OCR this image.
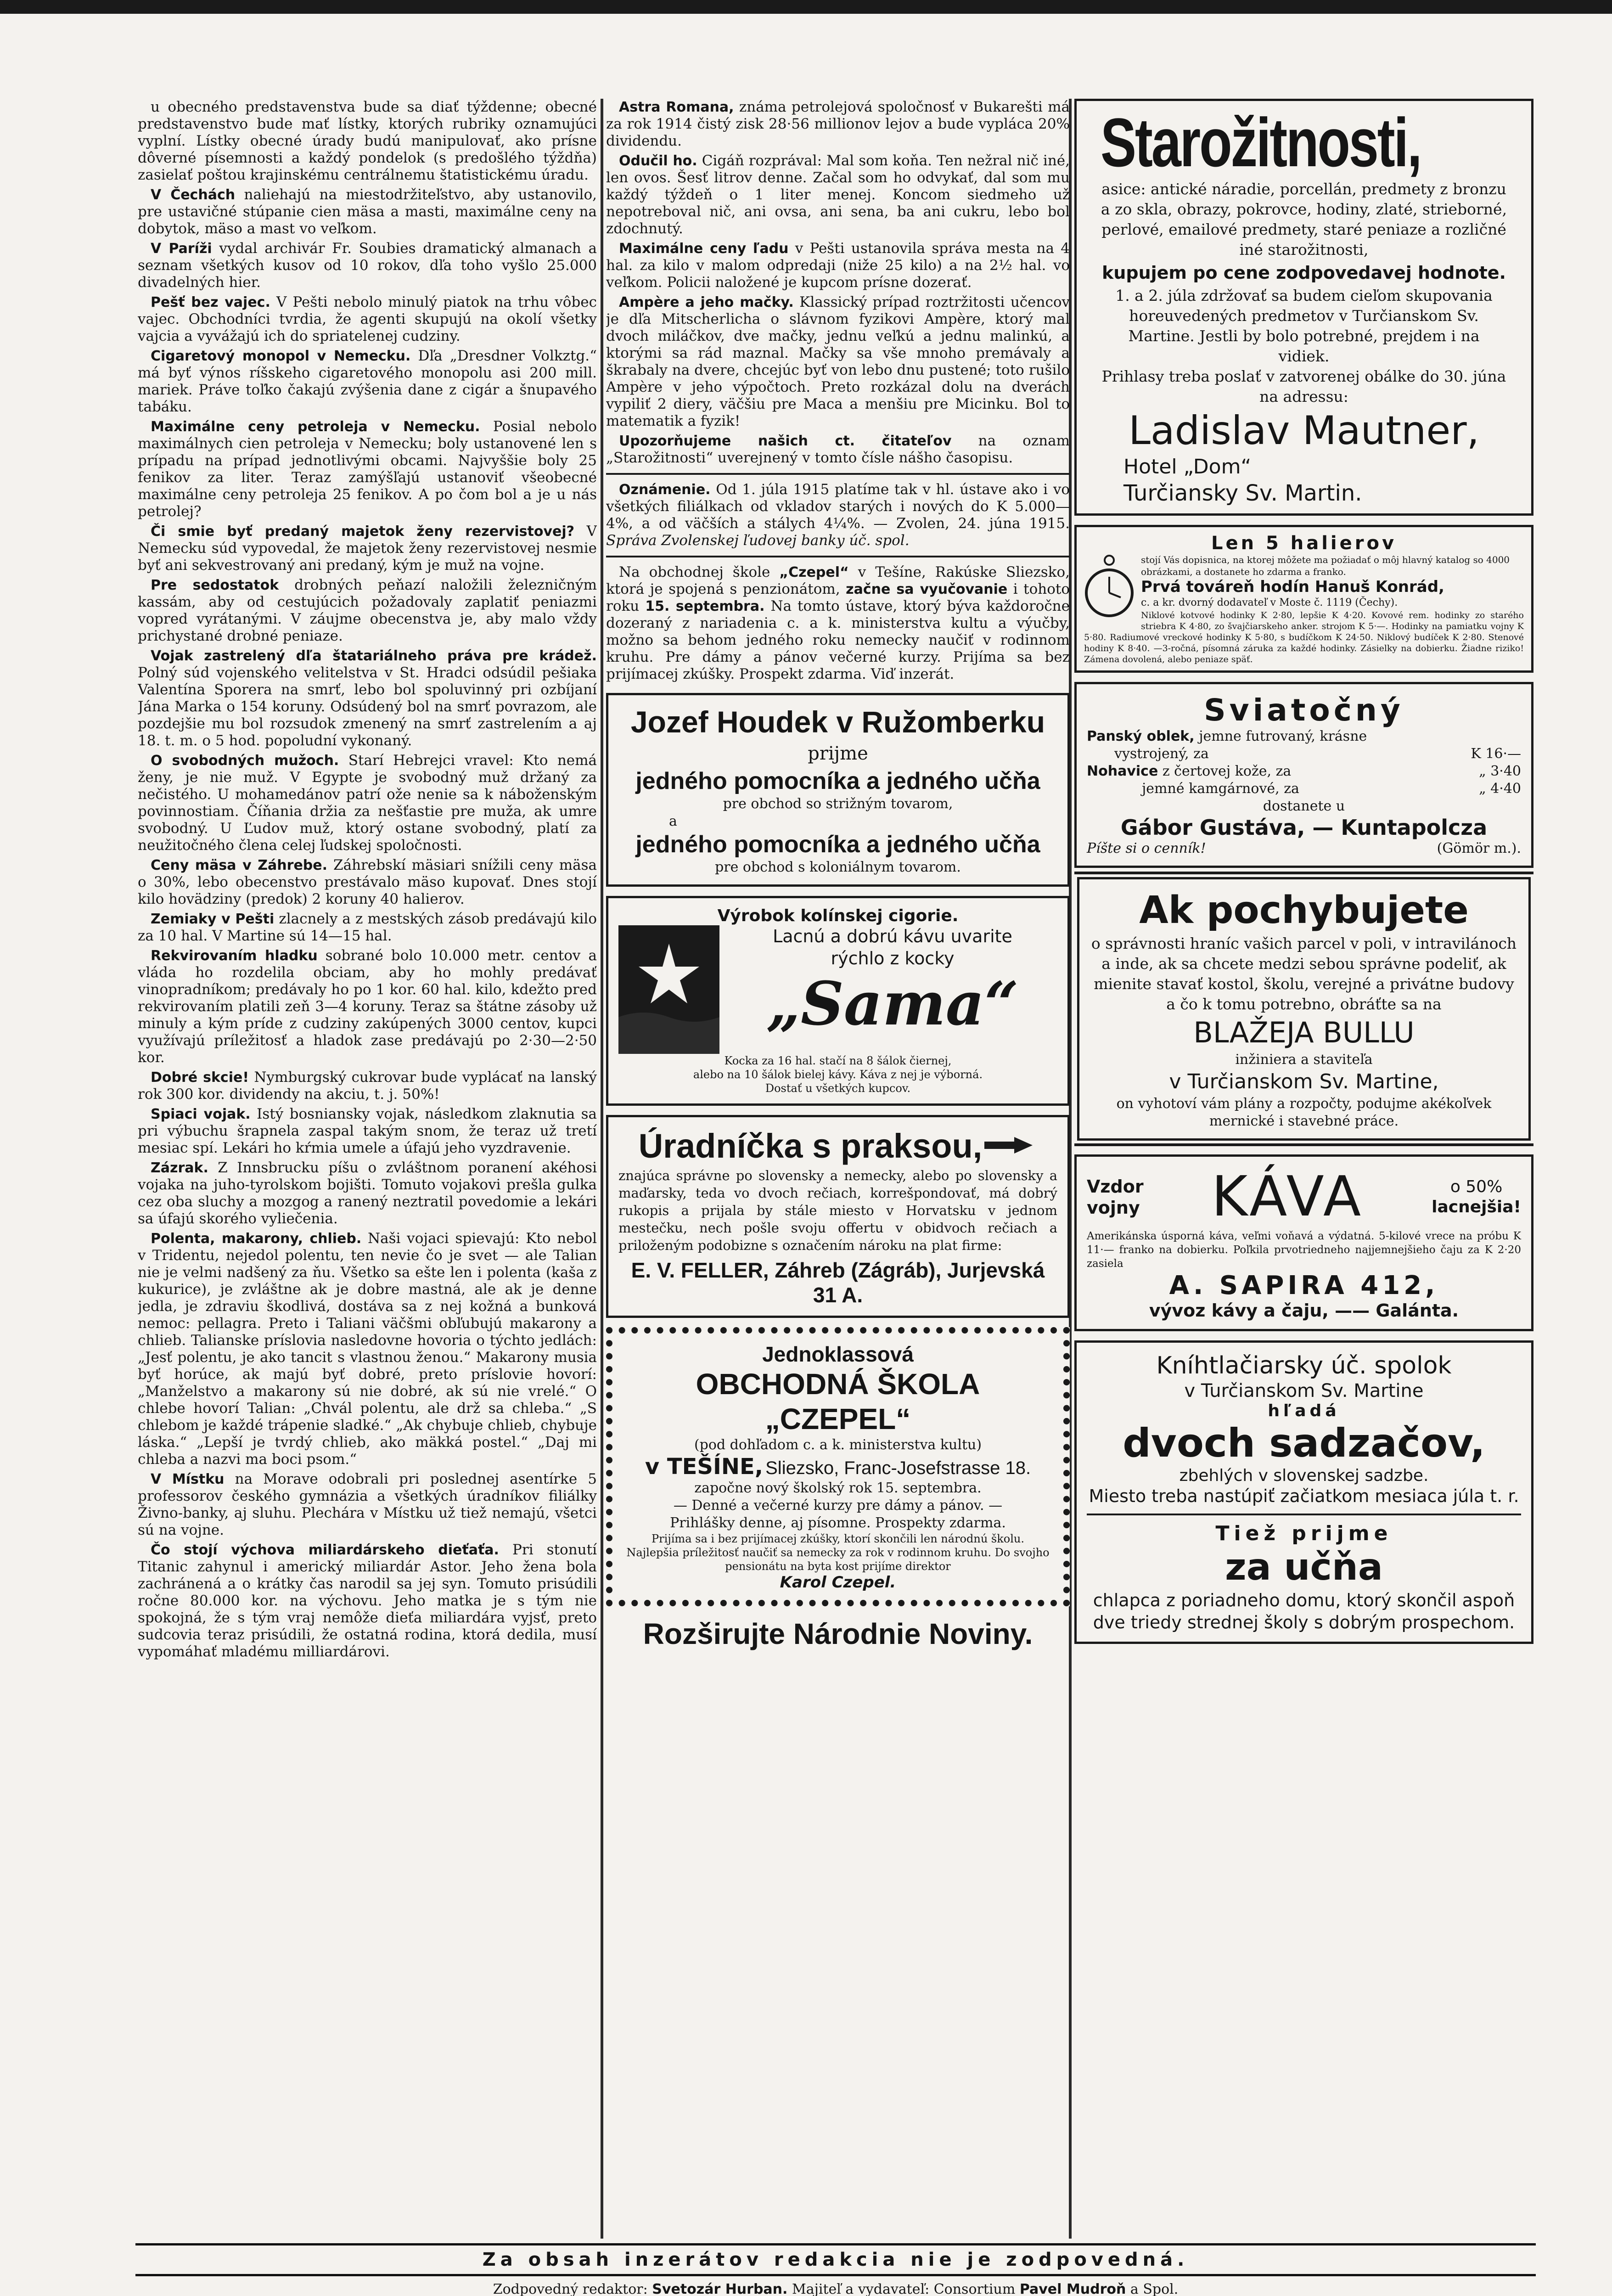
u obecného predstavenstva bude sa diať týždenne; obecné predstavenstvo bude mať lístky, ktorých rubriky oznamujúci vyplní. Lístky obecné úrady budú manipulovať, ako prísne dôverné písemnosti a každý pondelok (s predošlého týždňa) zasielať poštou krajinskému centrálnemu štatistickému úradu.

V Čechách naliehajú na miestodržiteľstvo, aby ustanovilo, pre ustavičné stúpanie cien mäsa a masti, maximálne ceny na dobytok, mäso a mast vo veľkom.

V Paríži vydal archivár Fr. Soubies dramatický almanach a seznam všetkých kusov od 10 rokov, dľa toho vyšlo 25.000 divadelných hier.

Pešť bez vajec. V Pešti nebolo minulý piatok na trhu vôbec vajec. Obchodníci tvrdia, že agenti skupujú na okolí všetky vajcia a vyvážajú ich do spriatelenej cudziny.

Cigaretový monopol v Nemecku. Dľa „Dresdner Volkztg.“ má byť výnos ríšskeho cigaretového monopolu asi 200 mill. mariek. Práve toľko čakajú zvýšenia dane z cigár a šnupavého tabáku.

Maximálne ceny petroleja v Nemecku. Posial nebolo maximálnych cien petroleja v Nemecku; boly ustanovené len s prípadu na prípad jednotlivými obcami. Najvyššie boly 25 fenikov za liter. Teraz zamýšľajú ustanoviť všeobecné maximálne ceny petroleja 25 fenikov. A po čom bol a je u nás petrolej?

Či smie byť predaný majetok ženy rezervistovej? V Nemecku súd vypovedal, že majetok ženy rezervistovej nesmie byť ani sekvestrovaný ani predaný, kým je muž na vojne.

Pre sedostatok drobných peňazí naložili železničným kassám, aby od cestujúcich požadovaly zaplatiť peniazmi vopred vyrátanými. V záujme obecenstva je, aby malo vždy prichystané drobné peniaze.

Vojak zastrelený dľa štatariálneho práva pre krádež. Polný súd vojenského velitelstva v St. Hradci odsúdil pešiaka Valentína Sporera na smrť, lebo bol spoluvinný pri ozbíjaní Jána Marka o 154 koruny. Odsúdený bol na smrť povrazom, ale pozdejšie mu bol rozsudok zmenený na smrť zastrelením a aj 18. t. m. o 5 hod. popoludní vykonaný.

O svobodných mužoch. Starí Hebrejci vravel: Kto nemá ženy, je nie muž. V Egypte je svobodný muž držaný za nečistého. U mohamedánov patrí ože nenie sa k náboženským povinnostiam. Číňania držia za nešťastie pre muža, ak umre svobodný. U Ľudov muž, ktorý ostane svobodný, platí za neužitočného člena celej ľudskej spoločnosti.

Ceny mäsa v Záhrebe. Záhrebskí mäsiari snížili ceny mäsa o 30%, lebo obecenstvo prestávalo mäso kupovať. Dnes stojí kilo hovädziny (predok) 2 koruny 40 halierov.

Zemiaky v Pešti zlacnely a z mestských zásob predávajú kilo za 10 hal. V Martine sú 14—15 hal.

Rekvirovaním hladku sobrané bolo 10.000 metr. centov a vláda ho rozdelila obciam, aby ho mohly predávať vinopradníkom; predávaly ho po 1 kor. 60 hal. kilo, kdežto pred rekvirovaním platili zeň 3—4 koruny. Teraz sa štátne zásoby už minuly a kým príde z cudziny zakúpených 3000 centov, kupci využívajú príležitosť a hladok zase predávajú po 2·30—2·50 kor.

Dobré skcie! Nymburgský cukrovar bude vyplácať na lanský rok 300 kor. dividendy na akciu, t. j. 50%!

Spiaci vojak. Istý bosniansky vojak, následkom zlaknutia sa pri výbuchu šrapnela zaspal takým snom, že teraz už tretí mesiac spí. Lekári ho kŕmia umele a úfajú jeho vyzdravenie.

Zázrak. Z Innsbrucku píšu o zvláštnom poranení akéhosi vojaka na juho-tyrolskom bojišti. Tomuto vojakovi prešla gulka cez oba sluchy a mozgog a ranený neztratil povedomie a lekári sa úfajú skorého vyliečenia.

Polenta, makarony, chlieb. Naši vojaci spievajú: Kto nebol v Tridentu, nejedol polentu, ten nevie čo je svet — ale Talian nie je velmi nadšený za ňu. Všetko sa ešte len i polenta (kaša z kukurice), je zvláštne ak je dobre mastná, ale ak je denne jedla, je zdraviu škodlivá, dostáva sa z nej kožná a bunková nemoc: pellagra. Preto i Taliani väčšmi obľubujú makarony a chlieb. Talianske príslovia nasledovne hovoria o týchto jedlách: „Jesť polentu, je ako tancit s vlastnou ženou.“ Makarony musia byť horúce, ak majú byť dobré, preto príslovie hovorí: „Manželstvo a makarony sú nie dobré, ak sú nie vrelé.“ O chlebe hovorí Talian: „Chvál polentu, ale drž sa chleba.“ „S chlebom je každé trápenie sladké.“ „Ak chybuje chlieb, chybuje láska.“ „Lepší je tvrdý chlieb, ako mäkká postel.“ „Daj mi chleba a nazvi ma boci psom.“

V Místku na Morave odobrali pri poslednej asentírke 5 professorov českého gymnázia a všetkých úradníkov filiálky Živno-banky, aj sluhu. Plechára v Místku už tiež nemajú, všetci sú na vojne.

Čo stojí výchova miliardárskeho dieťaťa. Pri stonutí Titanic zahynul i americký miliardár Astor. Jeho žena bola zachránená a o krátky čas narodil sa jej syn. Tomuto prisúdili ročne 80.000 kor. na výchovu. Jeho matka je s tým nie spokojná, že s tým vraj nemôže dieťa miliardára vyjsť, preto sudcovia teraz prisúdili, že ostatná rodina, ktorá dedila, musí vypomáhať mladému milliardárovi.

Astra Romana, známa petrolejová spoločnosť v Bukarešti má za rok 1914 čistý zisk 28·56 millionov lejov a bude vypláca 20% dividendu.

Odučil ho. Cigáň rozprával: Mal som koňa. Ten nežral nič iné, len ovos. Šesť litrov denne. Začal som ho odvykať, dal som mu každý týždeň o 1 liter menej. Koncom siedmeho už nepotreboval nič, ani ovsa, ani sena, ba ani cukru, lebo bol zdochnutý.

Maximálne ceny ľadu v Pešti ustanovila správa mesta na 4 hal. za kilo v malom odpredaji (niže 25 kilo) a na 2½ hal. vo veľkom. Policii naložené je kupcom prísne dozerať.

Ampère a jeho mačky. Klassický prípad roztržitosti učencov je dľa Mitscherlicha o slávnom fyzikovi Ampère, ktorý mal dvoch miláčkov, dve mačky, jednu veľkú a jednu malinkú, a ktorými sa rád maznal. Mačky sa vše mnoho premávaly a škrabaly na dvere, chcejúc byť von lebo dnu pustené; toto rušilo Ampère v jeho výpočtoch. Preto rozkázal dolu na dverách vypiliť 2 diery, väčšiu pre Maca a menšiu pre Micinku. Bol to matematik a fyzik!

Upozorňujeme našich ct. čitateľov na oznam „Starožitnosti“ uverejnený v tomto čísle nášho časopisu.

Oznámenie. Od 1. júla 1915 platíme tak v hl. ústave ako i vo všetkých filiálkach od vkladov starých i nových do K 5.000— 4%, a od väčších a stálych 4¼%. — Zvolen, 24. júna 1915. Správa Zvolenskej ľudovej banky úč. spol.

Na obchodnej škole „Czepel“ v Tešíne, Rakúske Sliezsko, ktorá je spojená s penzionátom, začne sa vyučovanie i tohoto roku 15. septembra. Na tomto ústave, ktorý býva každoročne dozeraný z nariadenia c. a k. ministerstva kultu a výučby, možno sa behom jedného roku nemecky naučiť v rodinnom kruhu. Pre dámy a pánov večerné kurzy. Prijíma sa bez prijímacej zkúšky. Prospekt zdarma. Viď inzerát.

Jozef Houdek v Ružomberku
prijme
jedného pomocníka a jedného učňa
pre obchod so strižným tovarom,
a
jedného pomocníka a jedného učňa
pre obchod s koloniálnym tovarom.
Výrobok kolínskej cigorie.
Lacnú a dobrú kávu uvarite
rýchlo z kocky
„Sama“
Kocka za 16 hal. stačí na 8 šálok čiernej,
alebo na 10 šálok bielej kávy. Káva z nej je výborná.
Dostať u všetkých kupcov.
Úradníčka s praksou,
znajúca správne po slovensky a nemecky, alebo po slovensky a maďarsky, teda vo dvoch rečiach, korrešpondovať, má dobrý rukopis a prijala by stále miesto v Horvatsku v jednom mestečku, nech pošle svoju offertu v obidvoch rečiach a priloženým podobizne s označením nároku na plat firme:
E. V. FELLER, Záhreb (Zágráb), Jurjevská 31 A.
Jednoklassová
OBCHODNÁ ŠKOLA „CZEPEL“
(pod dohľadom c. a k. ministerstva kultu)
v TEŠÍNE, Sliezsko, Franc-Josefstrasse 18.
započne nový školský rok 15. septembra.
— Denné a večerné kurzy pre dámy a pánov. —
Prihlášky denne, aj písomne. Prospekty zdarma.
Prijíma sa i bez prijímacej zkúšky, ktorí skončili len národnú školu.
Najlepšia príležitosť naučiť sa nemecky za rok v rodinnom kruhu. Do svojho pensionátu na byta kost prijíme direktor
Karol Czepel.
Rozširujte Národnie Noviny.
Starožitnosti,
asice: antické náradie, porcellán, predmety z bronzu a zo skla, obrazy, pokrovce, hodiny, zlaté, strieborné, perlové, emailové predmety, staré peniaze a rozličné iné starožitnosti,
kupujem po cene zodpovedavej hodnote.
1. a 2. júla zdržovať sa budem cieľom skupovania horeuvedených predmetov v Turčianskom Sv. Martine. Jestli by bolo potrebné, prejdem i na vidiek.
Prihlasy treba poslať v zatvorenej obálke do 30. júna na adressu:
Ladislav Mautner,
Hotel „Dom“
Turčiansky Sv. Martin.
Len 5 halierov
stojí Vás dopisnica, na ktorej môžete ma požiadať o môj hlavný katalog so 4000 obrázkami, a dostanete ho zdarma a franko.
Prvá továreň hodín Hanuš Konrád,
c. a kr. dvorný dodavateľ v Moste č. 1119 (Čechy).
Niklové kotvové hodinky K 2·80, lepšie K 4·20. Kovové rem. hodinky zo starého striebra K 4·80, zo švajčiarskeho anker. strojom K 5·—. Hodinky na pamiatku vojny K 5·80. Radiumové vreckové hodinky K 5·80, s budíčkom K 24·50. Niklový budíček K 2·80. Stenové hodiny K 8·40. —3-ročná, písomná záruka za každé hodinky. Zásielky na dobierku. Žiadne riziko! Zámena dovolená, alebo peniaze späť.
Sviatočný
Panský oblek, jemne futrovaný, krásne
vystrojený, za	K 16·—
Nohavice z čertovej kože, za	„ 3·40
jemné kamgárnové, za	„ 4·40
dostanete u
Gábor Gustáva, — Kuntapolcza
Píšte si o cenník!	(Gömör m.).
Ak pochybujete
o správnosti hraníc vašich parcel v poli, v intravilánoch a inde, ak sa chcete medzi sebou správne podeliť, ak mienite stavať kostol, školu, verejné a privátne budovy a čo k tomu potrebno, obráťte sa na
BLAŽEJA BULLU
inžiniera a staviteľa
v Turčianskom Sv. Martine,
on vyhotoví vám plány a rozpočty, podujme akékoľvek mernické i stavebné práce.
Vzdor
vojny KÁVA	o 50%
lacnejšia!
Amerikánska úsporná káva, veľmi voňavá a výdatná. 5-kilové vrece na próbu K 11·— franko na dobierku. Poľkila prvotriedneho najjemnejšieho čaju za K 2·20 zasiela
A. SAPIRA 412,
vývoz kávy a čaju, —— Galánta.
Kníhtlačiarsky úč. spolok
v Turčianskom Sv. Martine
hľadá
dvoch sadzačov,
zbehlých v slovenskej sadzbe.
Miesto treba nastúpiť začiatkom mesiaca júla t. r.
Tiež prijme
za učňa
chlapca z poriadneho domu, ktorý skončil aspoň dve triedy strednej školy s dobrým prospechom.
Za obsah inzerátov redakcia nie je zodpovedná.
Zodpovedný redaktor: Svetozár Hurban. Majiteľ a vydavateľ: Consortium Pavel Mudroň a Spol.
